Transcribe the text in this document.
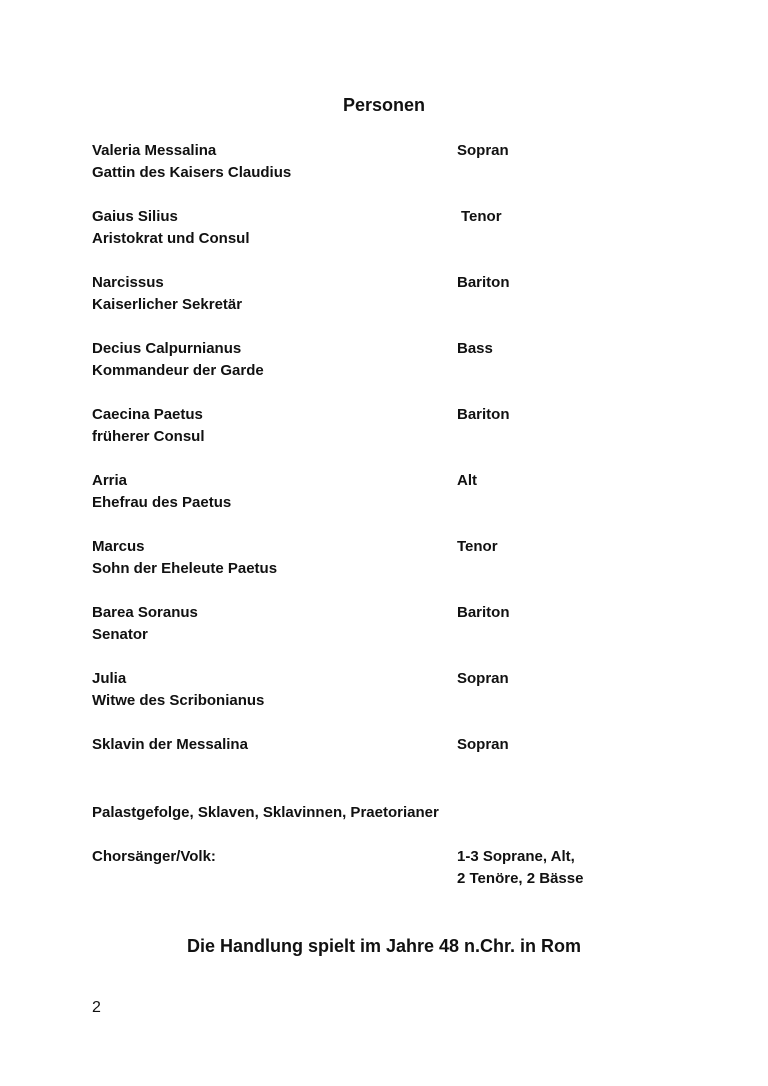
Personen
Valeria Messalina
Gattin des Kaisers Claudius
Sopran
Gaius Silius
Aristokrat und Consul
Tenor
Narcissus
Kaiserlicher Sekretär
Bariton
Decius Calpurnianus
Kommandeur der Garde
Bass
Caecina Paetus
früherer Consul
Bariton
Arria
Ehefrau des Paetus
Alt
Marcus
Sohn der Eheleute Paetus
Tenor
Barea Soranus
Senator
Bariton
Julia
Witwe des Scribonianus
Sopran
Sklavin der Messalina	Sopran
Palastgefolge, Sklaven, Sklavinnen, Praetorianer
Chorsänger/Volk:	1-3 Soprane, Alt,
2 Tenöre, 2 Bässe
Die Handlung spielt im Jahre 48 n.Chr. in Rom
2
